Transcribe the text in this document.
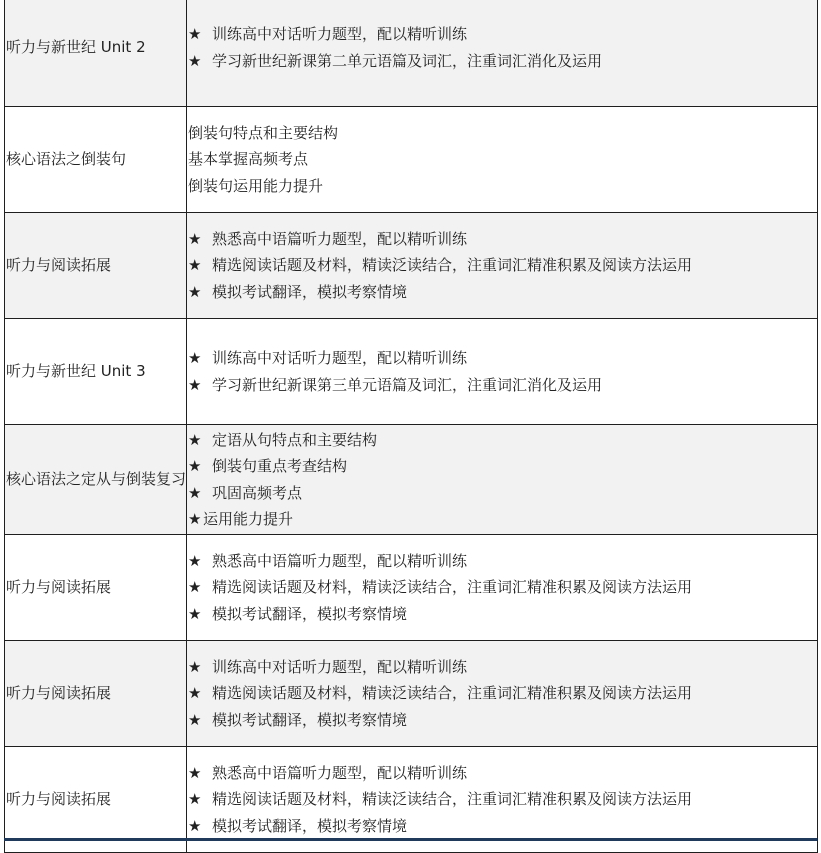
听力与新世纪 Unit 2	★ 训练高中对话听力题型，配以精听训练
★ 学习新世纪新课第二单元语篇及词汇，注重词汇消化及运用

核心语法之倒装句	倒装句特点和主要结构
基本掌握高频考点
倒装句运用能力提升

听力与阅读拓展	★ 熟悉高中语篇听力题型，配以精听训练
★ 精选阅读话题及材料，精读泛读结合，注重词汇精准积累及阅读方法运用
★ 模拟考试翻译，模拟考察情境

听力与新世纪 Unit 3	★ 训练高中对话听力题型，配以精听训练
★ 学习新世纪新课第三单元语篇及词汇，注重词汇消化及运用

核心语法之定从与倒装复习	★ 定语从句特点和主要结构
★ 倒装句重点考查结构
★ 巩固高频考点
★ 运用能力提升

听力与阅读拓展	★ 熟悉高中语篇听力题型，配以精听训练
★ 精选阅读话题及材料，精读泛读结合，注重词汇精准积累及阅读方法运用
★ 模拟考试翻译，模拟考察情境

听力与阅读拓展	★ 训练高中对话听力题型，配以精听训练
★ 精选阅读话题及材料，精读泛读结合，注重词汇精准积累及阅读方法运用
★ 模拟考试翻译，模拟考察情境

听力与阅读拓展	★ 熟悉高中语篇听力题型，配以精听训练
★ 精选阅读话题及材料，精读泛读结合，注重词汇精准积累及阅读方法运用
★ 模拟考试翻译，模拟考察情境
